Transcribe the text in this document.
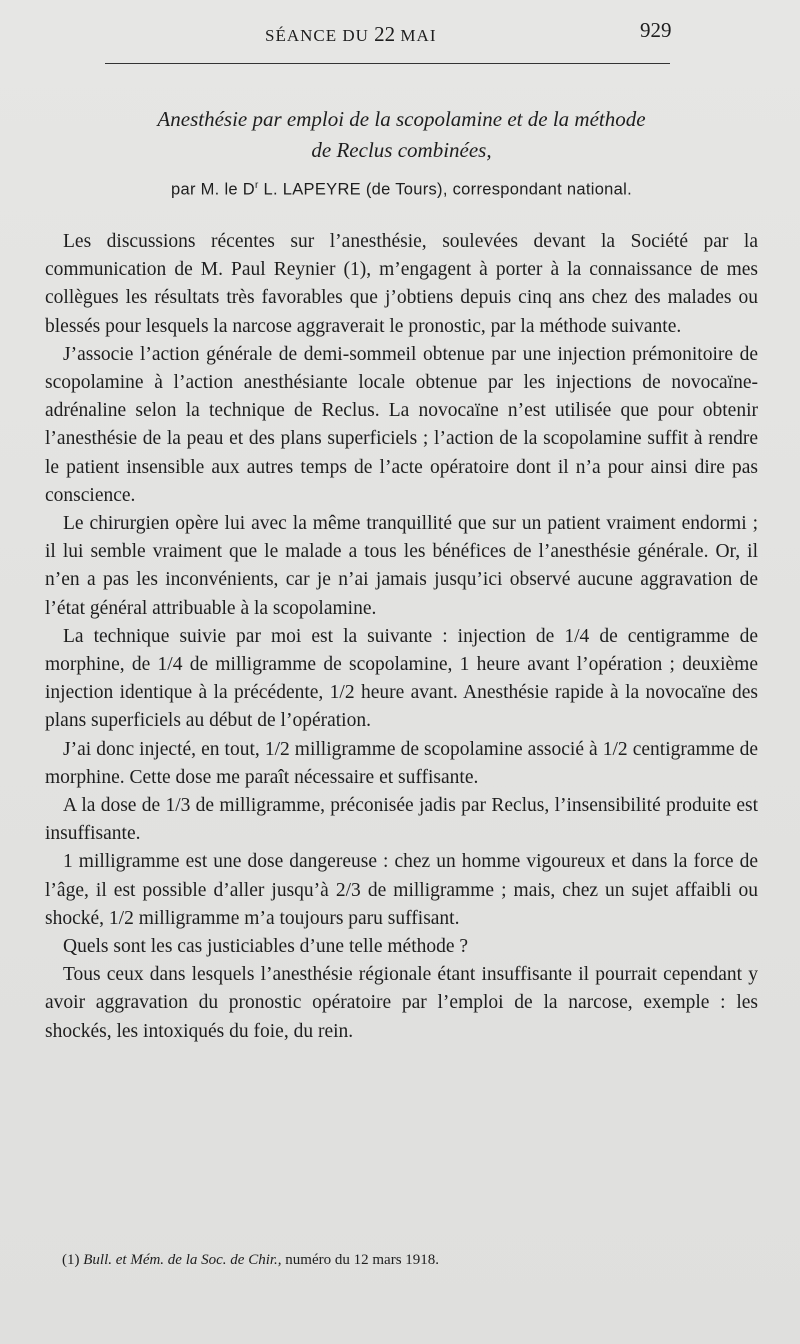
SÉANCE DU 22 MAI	929
Anesthésie par emploi de la scopolamine et de la méthode
de Reclus combinées,
par M. le $D^r$ L. LAPEYRE (de Tours), correspondant national.

Les discussions récentes sur l’anesthésie, soulevées devant la Société par la communication de M. Paul Reynier (1), m’engagent à porter à la connaissance de mes collègues les résultats très favorables que j’obtiens depuis cinq ans chez des malades ou blessés pour lesquels la narcose aggraverait le pronostic, par la méthode suivante.

J’associe l’action générale de demi-sommeil obtenue par une injection prémonitoire de scopolamine à l’action anesthésiante locale obtenue par les injections de novocaïne-adrénaline selon la technique de Reclus. La novocaïne n’est utilisée que pour obtenir l’anesthésie de la peau et des plans superficiels ; l’action de la scopolamine suffit à rendre le patient insensible aux autres temps de l’acte opératoire dont il n’a pour ainsi dire pas conscience.

Le chirurgien opère lui avec la même tranquillité que sur un patient vraiment endormi ; il lui semble vraiment que le malade a tous les bénéfices de l’anesthésie générale. Or, il n’en a pas les inconvénients, car je n’ai jamais jusqu’ici observé aucune aggravation de l’état général attribuable à la scopolamine.

La technique suivie par moi est la suivante : injection de 1/4 de centigramme de morphine, de 1/4 de milligramme de scopolamine, 1 heure avant l’opération ; deuxième injection identique à la précédente, 1/2 heure avant. Anesthésie rapide à la novocaïne des plans superficiels au début de l’opération.

J’ai donc injecté, en tout, 1/2 milligramme de scopolamine associé à 1/2 centigramme de morphine. Cette dose me paraît nécessaire et suffisante.

A la dose de 1/3 de milligramme, préconisée jadis par Reclus, l’insensibilité produite est insuffisante.

1 milligramme est une dose dangereuse : chez un homme vigoureux et dans la force de l’âge, il est possible d’aller jusqu’à 2/3 de milligramme ; mais, chez un sujet affaibli ou shocké, 1/2 milligramme m’a toujours paru suffisant.

Quels sont les cas justiciables d’une telle méthode ?

Tous ceux dans lesquels l’anesthésie régionale étant insuffisante il pourrait cependant y avoir aggravation du pronostic opératoire par l’emploi de la narcose, exemple : les shockés, les intoxiqués du foie, du rein.

(1) Bull. et Mém. de la Soc. de Chir., numéro du 12 mars 1918.
